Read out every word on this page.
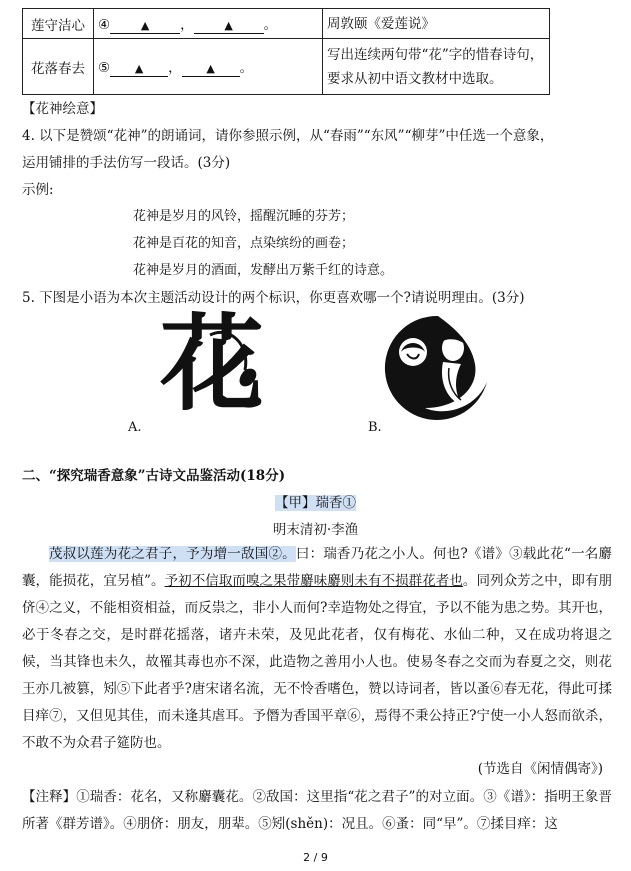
莲守洁心	④ ▲ ， ▲ 。	周敦颐《爱莲说》
花落春去	⑤ ▲ ， ▲ 。	写出连续两句带“花”字的惜春诗句，要求从初中语文教材中选取。
【花神绘意】
4. 以下是赞颂“花神”的朗诵词，请你参照示例，从“春雨”“东风”“柳芽”中任选一个意象，
运用铺排的手法仿写一段话。(3分)
示例:
花神是岁月的风铃，摇醒沉睡的芬芳；
花神是百花的知音，点染缤纷的画卷；
花神是岁月的酒面，发酵出万紫千红的诗意。
5. 下图是小语为本次主题活动设计的两个标识，你更喜欢哪一个?请说明理由。(3分)
花
A.	B.
二、“探究瑞香意象”古诗文品鉴活动(18分)
【甲】瑞香①
明末清初·李渔
茂叔以莲为花之君子，予为增一敌国②。曰：瑞香乃花之小人。何也?《谱》③载此花“一名麝囊，能损花，宜另植”。予初不信取而嗅之果带麝味麝则未有不损群花者也。同列众芳之中，即有朋侪④之义，不能相资相益，而反祟之，非小人而何?幸造物处之得宜，予以不能为患之势。其开也，必于冬春之交，是时群花摇落，诸卉未荣，及见此花者，仅有梅花、水仙二种，又在成功将退之候，当其锋也未久，故罹其毒也亦不深，此造物之善用小人也。使易冬春之交而为春夏之交，则花王亦几被篡，矧⑤下此者乎?唐宋诸名流，无不怜香嗜色，赞以诗词者，皆以蚤⑥春无花，得此可揉目痒⑦，又但见其佳，而未逢其虐耳。予僭为香国平章⑥，焉得不秉公持正?宁使一小人怒而欲杀，不敢不为众君子筵防也。
(节选自《闲情偶寄》)
【注释】①瑞香：花名，又称麝囊花。②敌国：这里指“花之君子”的对立面。③《谱》：指明王象晋所著《群芳谱》。④朋侪：朋友，朋辈。⑤矧(shěn)：况且。⑥蚤：同“早”。⑦揉目痒：这
2 / 9
